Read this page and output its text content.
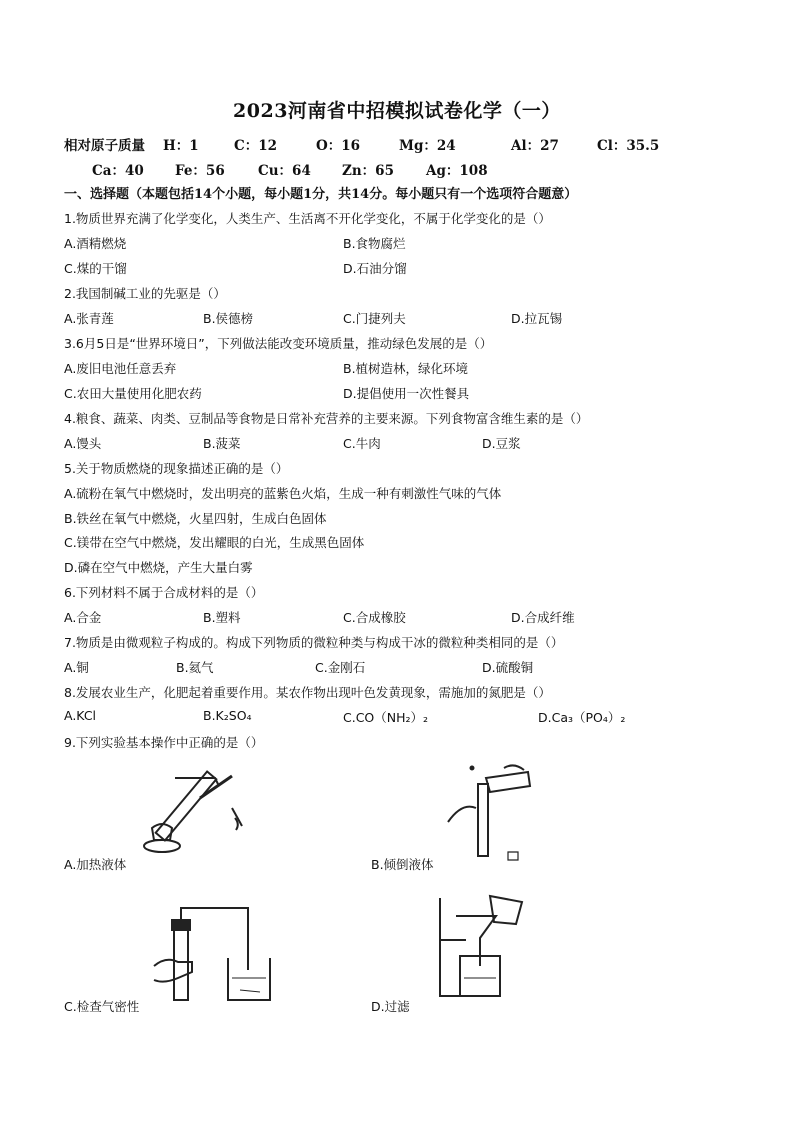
2023河南省中招模拟试卷化学（一）
相对原子质量 H：1	C：12	O：16	Mg：24	Al：27	Cl：35.5
Ca：40 Fe：56 Cu：64 Zn：65 Ag：108
一、选择题（本题包括14个小题，每小题1分，共14分。每小题只有一个选项符合题意）
1.物质世界充满了化学变化，人类生产、生活离不开化学变化，不属于化学变化的是（）
A.酒精燃烧	B.食物腐烂
C.煤的干馏	D.石油分馏
2.我国制碱工业的先驱是（）
A.张青莲	B.侯德榜	C.门捷列夫	D.拉瓦锡
3.6月5日是“世界环境日”，下列做法能改变环境质量，推动绿色发展的是（）
A.废旧电池任意丢弃	B.植树造林，绿化环境
C.农田大量使用化肥农药	D.提倡使用一次性餐具
4.粮食、蔬菜、肉类、豆制品等食物是日常补充营养的主要来源。下列食物富含维生素的是（）
A.馒头	B.菠菜	C.牛肉	D.豆浆
5.关于物质燃烧的现象描述正确的是（）
A.硫粉在氧气中燃烧时，发出明亮的蓝紫色火焰，生成一种有刺激性气味的气体
B.铁丝在氧气中燃烧，火星四射，生成白色固体
C.镁带在空气中燃烧，发出耀眼的白光，生成黑色固体
D.磷在空气中燃烧，产生大量白雾
6.下列材料不属于合成材料的是（）
A.合金	B.塑料	C.合成橡胶	D.合成纤维
7.物质是由微观粒子构成的。构成下列物质的微粒种类与构成干冰的微粒种类相同的是（）
A.铜	B.氦气	C.金刚石	D.硫酸铜
8.发展农业生产，化肥起着重要作用。某农作物出现叶色发黄现象，需施加的氮肥是（）
A.KCl	B.K₂SO₄	C.CO（NH₂）₂	D.Ca₃（PO₄）₂
9.下列实验基本操作中正确的是（）
A.加热液体	B.倾倒液体
C.检查气密性	D.过滤
